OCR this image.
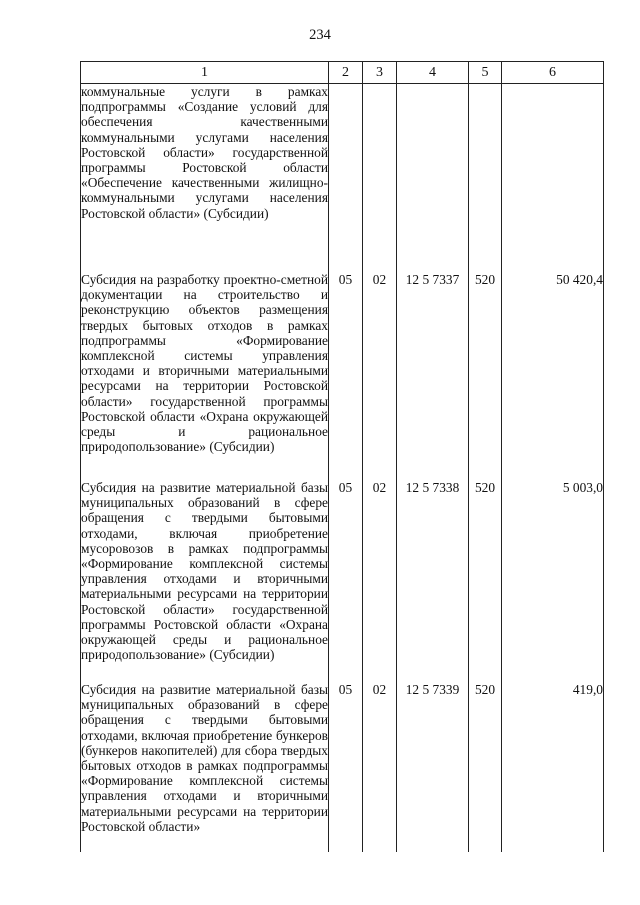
234
1	2	3	4	5	6
коммунальные услуги в рамках подпрограммы «Создание условий для обеспечения качественными коммунальными услугами населения Ростовской области» государственной программы Ростовской области «Обеспечение качественными жилищно-коммунальными услугами населения Ростовской области» (Субсидии)					
Субсидия на разработку проектно-сметной документации на строительство и реконструкцию объектов размещения твердых бытовых отходов в рамках подпрограммы «Формирование комплексной системы управления отходами и вторичными материальными ресурсами на территории Ростовской области» государственной программы Ростовской области «Охрана окружающей среды и рациональное природопользование» (Субсидии)	05	02	12 5 7337	520	50 420,4
Субсидия на развитие материальной базы муниципальных образований в сфере обращения с твердыми бытовыми отходами, включая приобретение мусоровозов в рамках подпрограммы «Формирование комплексной системы управления отходами и вторичными материальными ресурсами на территории Ростовской области» государственной программы Ростовской области «Охрана окружающей среды и рациональное природопользование» (Субсидии)	05	02	12 5 7338	520	5 003,0
Субсидия на развитие материальной базы муниципальных образований в сфере обращения с твердыми бытовыми отходами, включая приобретение бункеров (бункеров накопителей) для сбора твердых бытовых отходов в рамках подпрограммы «Формирование комплексной системы управления отходами и вторичными материальными ресурсами на территории Ростовской области»	05	02	12 5 7339	520	419,0
